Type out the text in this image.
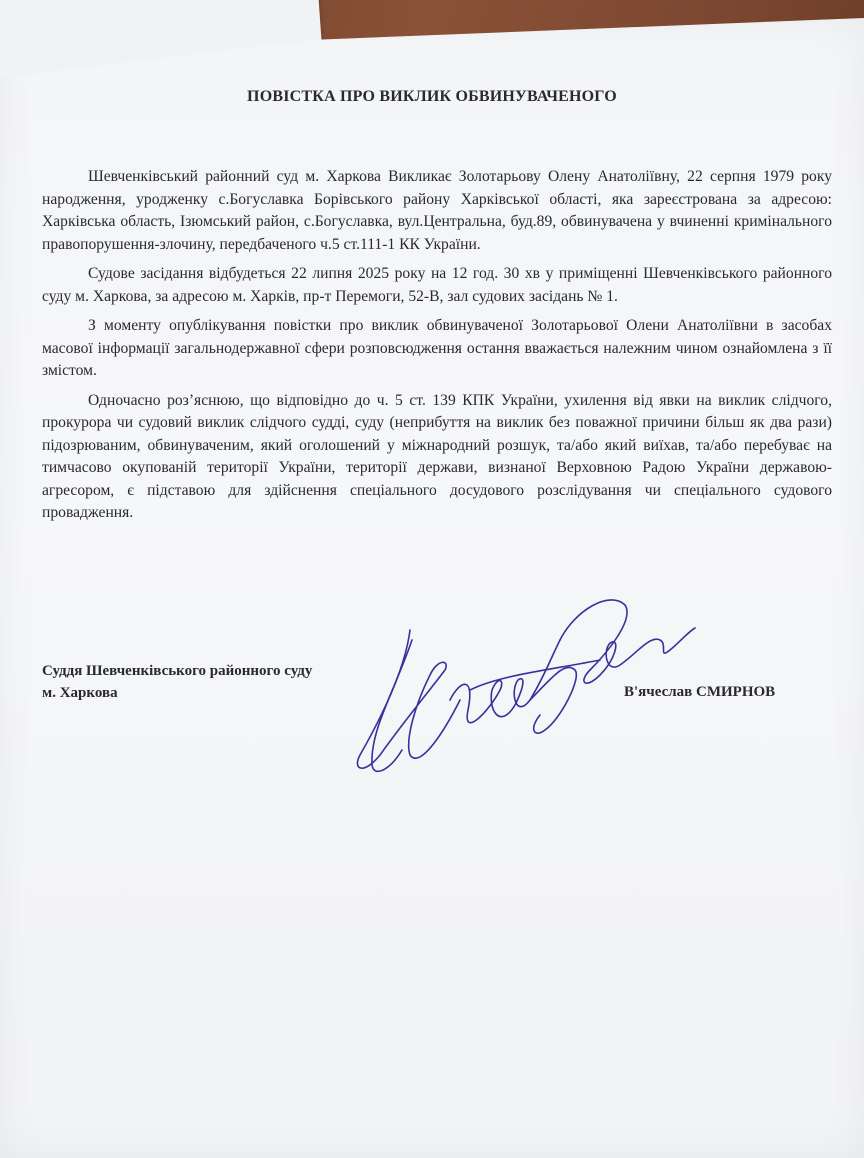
ПОВІСТКА ПРО ВИКЛИК ОБВИНУВАЧЕНОГО

Шевченківський районний суд м. Харкова Викликає Золотарьову Олену Анатоліївну, 22 серпня 1979 року народження, уродженку с.Богуславка Борівського району Харківської області, яка зареєстрована за адресою: Харківська область, Ізюмський район, с.Богуславка, вул.Центральна, буд.89, обвинувачена у вчиненні кримінального правопорушення-злочину, передбаченого ч.5 ст.111-1 КК України.

Судове засідання відбудеться 22 липня 2025 року на 12 год. 30 хв у приміщенні Шевченківського районного суду м. Харкова, за адресою м. Харків, пр-т Перемоги, 52-В, зал судових засідань № 1.

З моменту опублікування повістки про виклик обвинуваченої Золотарьової Олени Анатоліївни в засобах масової інформації загальнодержавної сфери розповсюдження остання вважається належним чином ознайомлена з її змістом.

Одночасно роз’яснюю, що відповідно до ч. 5 ст. 139 КПК України, ухилення від явки на виклик слідчого, прокурора чи судовий виклик слідчого судді, суду (неприбуття на виклик без поважної причини більш як два рази) підозрюваним, обвинуваченим, який оголошений у міжнародний розшук, та/або який виїхав, та/або перебуває на тимчасово окупованій території України, території держави, визнаної Верховною Радою України державою-агресором, є підставою для здійснення спеціального досудового розслідування чи спеціального судового провадження.

Суддя Шевченківського районного суду
м. Харкова	В'ячеслав СМИРНОВ
